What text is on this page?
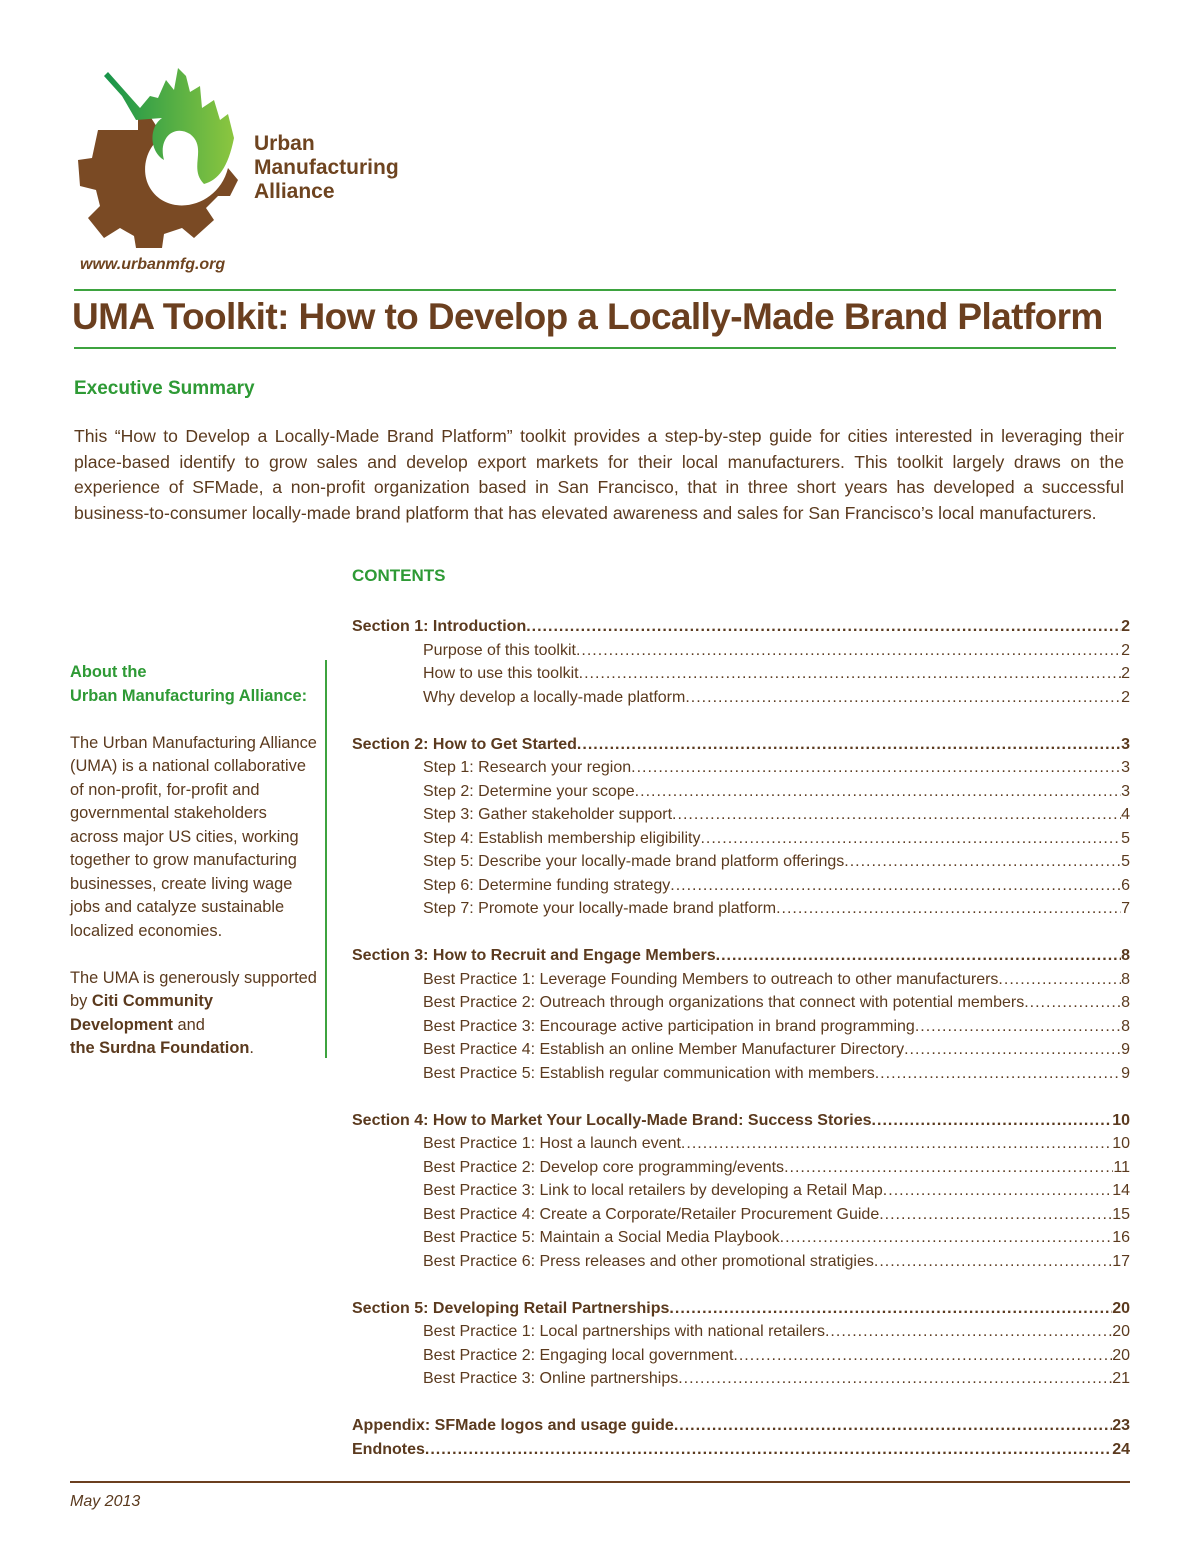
Urban
Manufacturing
Alliance
www.urbanmfg.org
UMA Toolkit: How to Develop a Locally-Made Brand Platform
Executive Summary
This “How to Develop a Locally-Made Brand Platform” toolkit provides a step-by-step guide for cities interested in leveraging their place-based identify to grow sales and develop export markets for their local manufacturers. This toolkit largely draws on the experience of SFMade, a non-profit organization based in San Francisco, that in three short years has developed a successful business-to-consumer locally-made brand platform that has elevated awareness and sales for San Francisco’s local manufacturers.
CONTENTS
Section 1: Introduction .....	2
Purpose of this toolkit .....	2
How to use this toolkit .....	2
Why develop a locally-made platform .....	2
Section 2: How to Get Started .....	3
Step 1: Research your region .....	3
Step 2: Determine your scope .....	3
Step 3: Gather stakeholder support .....	4
Step 4: Establish membership eligibility .....	5
Step 5: Describe your locally-made brand platform offerings .....	5
Step 6: Determine funding strategy .....	6
Step 7: Promote your locally-made brand platform .....	7
Section 3: How to Recruit and Engage Members .....	8
Best Practice 1: Leverage Founding Members to outreach to other manufacturers .....	8
Best Practice 2: Outreach through organizations that connect with potential members .....	8
Best Practice 3: Encourage active participation in brand programming .....	8
Best Practice 4: Establish an online Member Manufacturer Directory .....	9
Best Practice 5: Establish regular communication with members .....	9
Section 4: How to Market Your Locally-Made Brand: Success Stories .....	10
Best Practice 1: Host a launch event .....	10
Best Practice 2: Develop core programming/events .....	11
Best Practice 3: Link to local retailers by developing a Retail Map .....	14
Best Practice 4: Create a Corporate/Retailer Procurement Guide .....	15
Best Practice 5: Maintain a Social Media Playbook .....	16
Best Practice 6: Press releases and other promotional stratigies .....	17
Section 5: Developing Retail Partnerships .....	20
Best Practice 1: Local partnerships with national retailers .....	20
Best Practice 2: Engaging local government .....	20
Best Practice 3: Online partnerships .....	21
Appendix: SFMade logos and usage guide .....	23
Endnotes .....	24
About the
Urban Manufacturing Alliance:
The Urban Manufacturing Alliance (UMA) is a national collaborative of non-profit, for-profit and governmental stakeholders across major US cities, working together to grow manufacturing businesses, create living wage jobs and catalyze sustainable localized economies.
The UMA is generously supported by Citi Community Development and
the Surdna Foundation.
May 2013
